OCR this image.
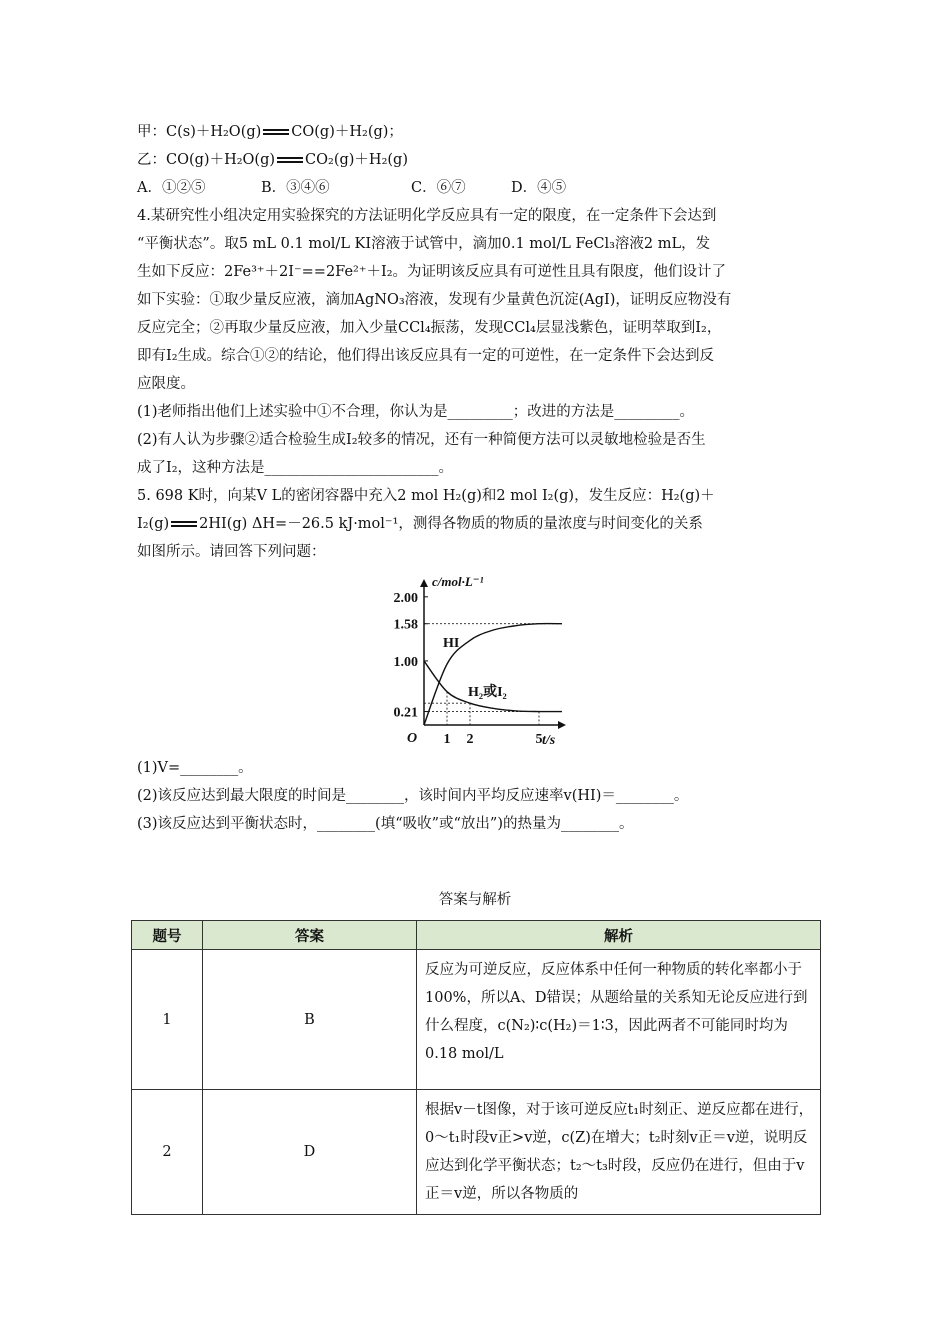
甲：C(s)＋H₂O(g) CO(g)＋H₂(g)；
乙：CO(g)＋H₂O(g) CO₂(g)＋H₂(g)
A．①②⑤	B．③④⑥	C．⑥⑦	D．④⑤
4.某研究性小组决定用实验探究的方法证明化学反应具有一定的限度，在一定条件下会达到
“平衡状态”。取5 mL 0.1 mol/L KI溶液于试管中，滴加0.1 mol/L FeCl₃溶液2 mL，发
生如下反应：2Fe³⁺＋2I⁻==2Fe²⁺＋I₂。为证明该反应具有可逆性且具有限度，他们设计了
如下实验：①取少量反应液，滴加AgNO₃溶液，发现有少量黄色沉淀(AgI)，证明反应物没有
反应完全；②再取少量反应液，加入少量CCl₄振荡，发现CCl₄层显浅紫色，证明萃取到I₂，
即有I₂生成。综合①②的结论，他们得出该反应具有一定的可逆性，在一定条件下会达到反
应限度。
(1)老师指出他们上述实验中①不合理，你认为是_________；改进的方法是_________。
(2)有人认为步骤②适合检验生成I₂较多的情况，还有一种简便方法可以灵敏地检验是否生
成了I₂，这种方法是________________________。
5. 698 K时，向某V L的密闭容器中充入2 mol H₂(g)和2 mol I₂(g)，发生反应：H₂(g)＋
I₂(g) 2HI(g) ΔH=－26.5 kJ·mol⁻¹，测得各物质的物质的量浓度与时间变化的关系
如图所示。请回答下列问题：
2.00
1.58
1.00
0.21
1 2	5
c/mol·L⁻¹
t/s
O
HI
H₂或I₂
(1)V=________。
(2)该反应达到最大限度的时间是________，该时间内平均反应速率v(HI)＝________。
(3)该反应达到平衡状态时，________(填“吸收”或“放出”)的热量为________。
答案与解析
题号	答案	解析
1	B	反应为可逆反应，反应体系中任何一种物质的转化率都小于100%，所以A、D错误；从题给量的关系知无论反应进行到什么程度，c(N₂)∶c(H₂)＝1∶3，因此两者不可能同时均为0.18 mol/L
2	D	根据v－t图像，对于该可逆反应t₁时刻正、逆反应都在进行，0～t₁时段v正>v逆，c(Z)在增大；t₂时刻v正＝v逆，说明反应达到化学平衡状态；t₂～t₃时段，反应仍在进行，但由于v正＝v逆，所以各物质的
